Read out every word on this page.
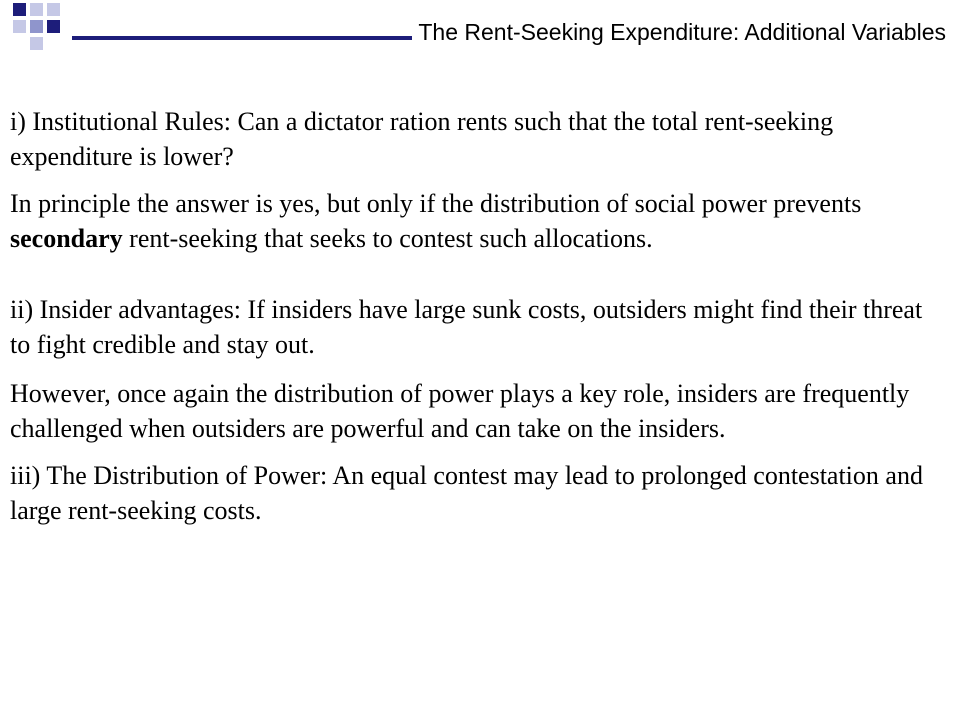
The Rent-Seeking Expenditure: Additional Variables

i) Institutional Rules: Can a dictator ration rents such that the total rent-seeking expenditure is lower?

In principle the answer is yes, but only if the distribution of social power prevents secondary rent-seeking that seeks to contest such allocations.

ii) Insider advantages: If insiders have large sunk costs, outsiders might find their threat to fight credible and stay out.

However, once again the distribution of power plays a key role, insiders are frequently challenged when outsiders are powerful and can take on the insiders.

iii) The Distribution of Power: An equal contest may lead to prolonged contestation and large rent-seeking costs.
